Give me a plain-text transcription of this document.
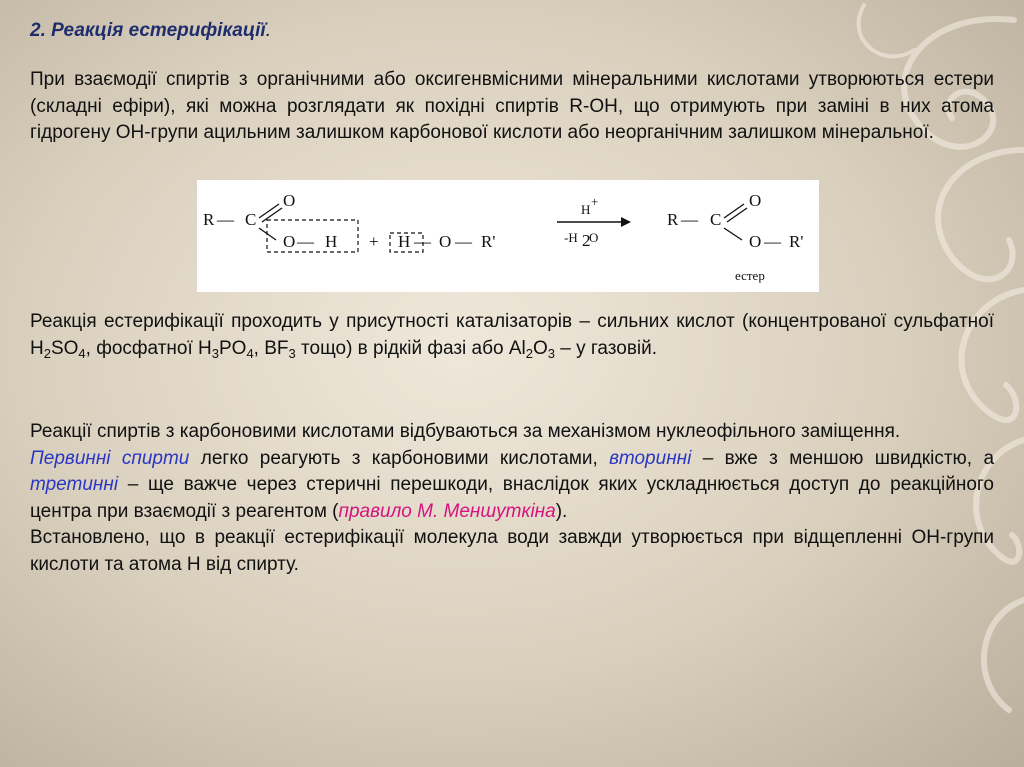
2. Реакція естерифікації.
При взаємодії спиртів з органічними або оксигенвмісними мінеральними кислотами утворюються естери (складні ефіри), які можна розглядати як похідні спиртів R-OH, що отримують при заміні в них атома гідрогену OH-групи ацильним залишком карбонової кислоти або неорганічним залишком мінеральної.
R — C
O
O — H + H — O — R'
H
+
-H 2
O
R — C
O
O — R'
естер
Реакція естерифікації проходить у присутності каталізаторів – сильних кислот (концентрованої сульфатної $H_2SO_4$, фосфатної $H_3PO_4$, $BF_3$ тощо) в рідкій фазі або $Al_2O_3$ – у газовій.
Реакції спиртів з карбоновими кислотами відбуваються за механізмом нуклеофільного заміщення.
Первинні спирти легко реагують з карбоновими кислотами, вторинні – вже з меншою швидкістю, а третинні – ще важче через стеричні перешкоди, внаслідок яких ускладнюється доступ до реакційного центра при взаємодії з реагентом (правило М. Меншуткіна).
Встановлено, що в реакції естерифікації молекула води завжди утворюється при відщепленні OH-групи кислоти та атома H від спирту.
